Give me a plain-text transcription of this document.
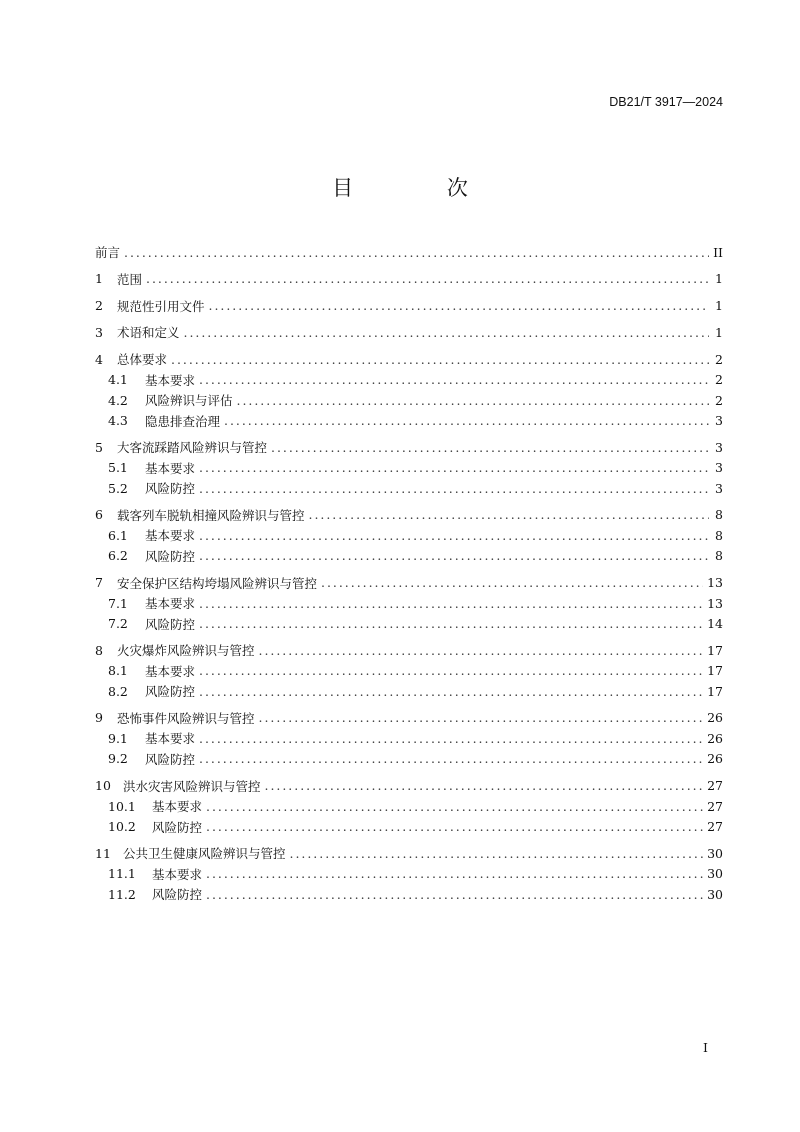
DB21/T 3917—2024
目 次
前言 . . .	II
1	范围 . . .	1
2	规范性引用文件 . . .	1
3	术语和定义 . . .	1
4	总体要求 . . .	2
4.1	基本要求 . . .	2
4.2	风险辨识与评估 . . .	2
4.3	隐患排查治理 . . .	3
5	大客流踩踏风险辨识与管控 . . .	3
5.1	基本要求 . . .	3
5.2	风险防控 . . .	3
6	载客列车脱轨相撞风险辨识与管控 . . .	8
6.1	基本要求 . . .	8
6.2	风险防控 . . .	8
7	安全保护区结构垮塌风险辨识与管控 . . .	13
7.1	基本要求 . . .	13
7.2	风险防控 . . .	14
8	火灾爆炸风险辨识与管控 . . .	17
8.1	基本要求 . . .	17
8.2	风险防控 . . .	17
9	恐怖事件风险辨识与管控 . . .	26
9.1	基本要求 . . .	26
9.2	风险防控 . . .	26
10 洪水灾害风险辨识与管控 . . .	27
10.1	基本要求 . . .	27
10.2	风险防控 . . .	27
11 公共卫生健康风险辨识与管控 . . .	30
11.1	基本要求 . . .	30
11.2	风险防控 . . .	30
I
